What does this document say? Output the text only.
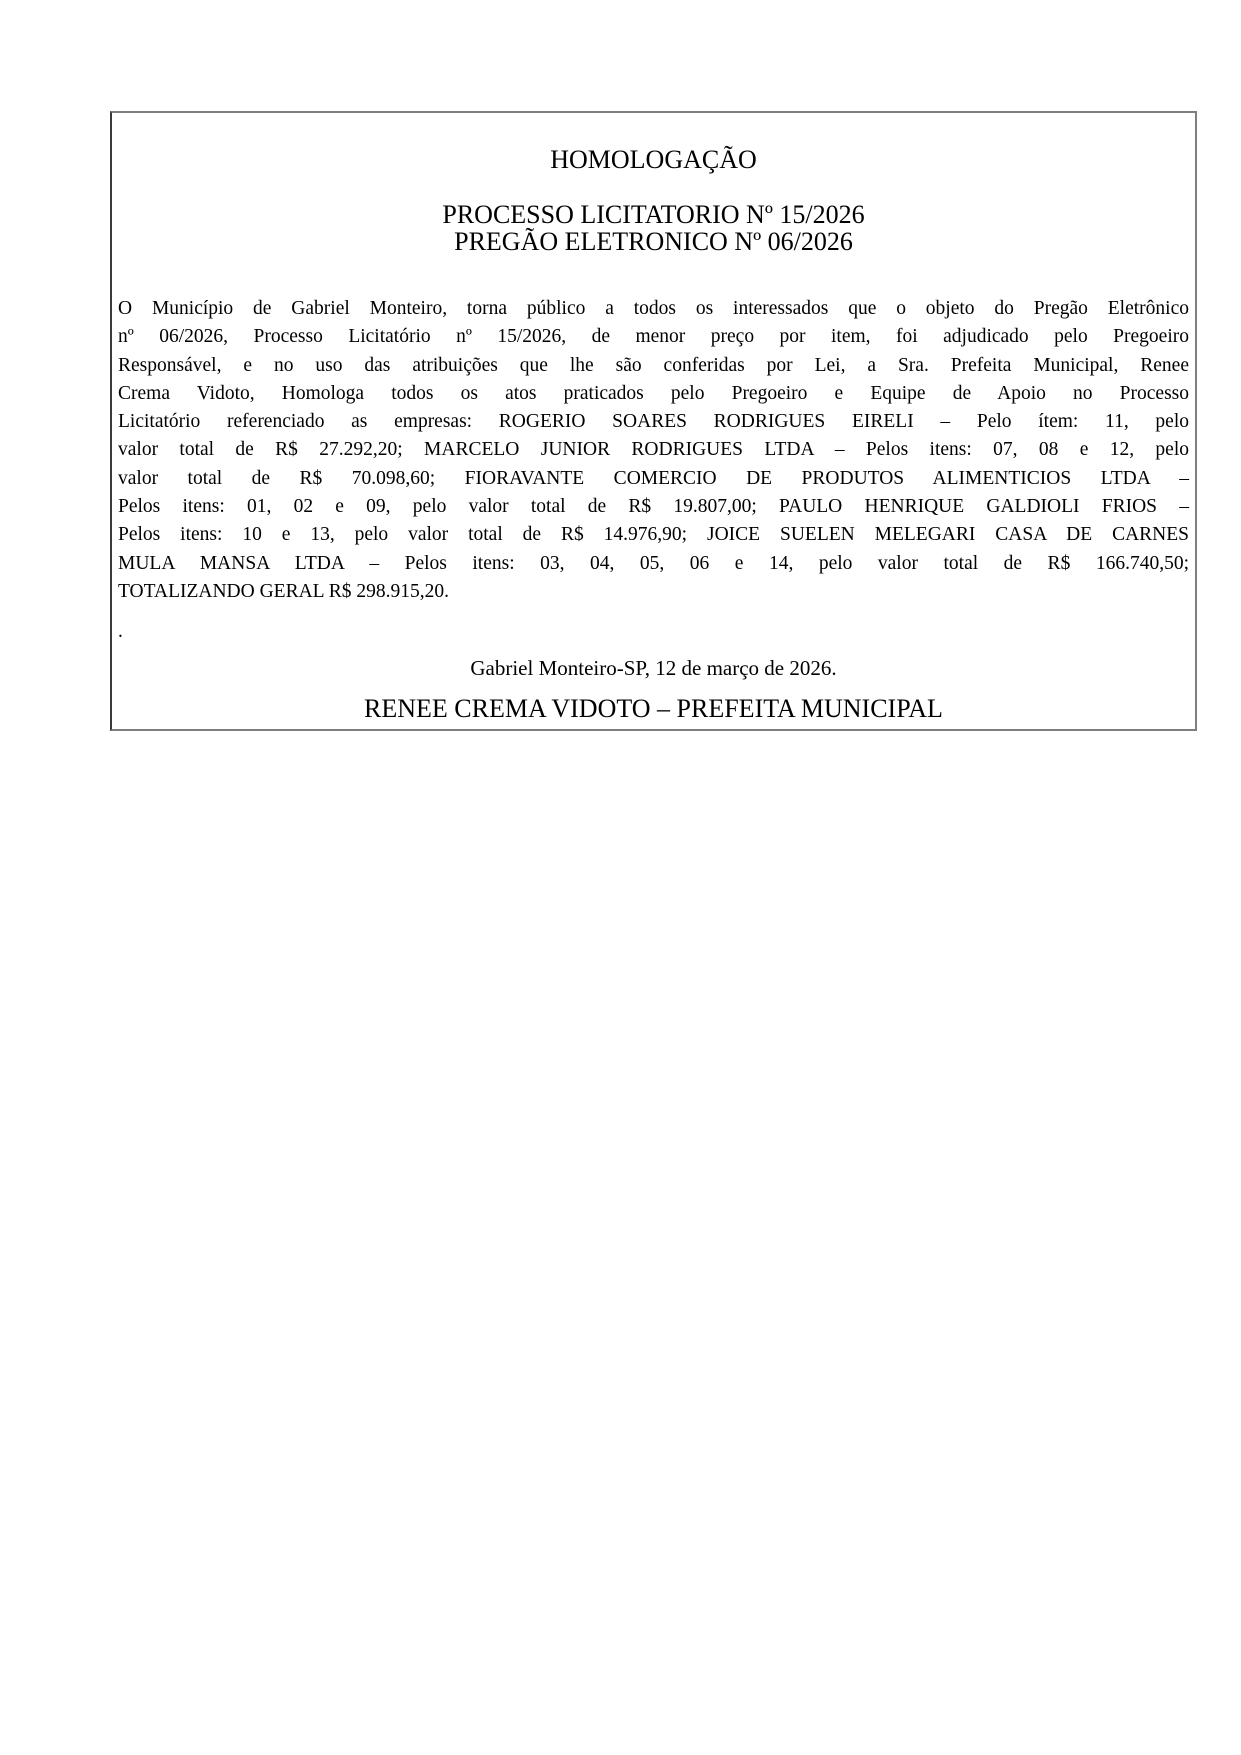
HOMOLOGAÇÃO
PROCESSO LICITATORIO Nº 15/2026
PREGÃO ELETRONICO Nº 06/2026
O Município de Gabriel Monteiro, torna público a todos os interessados que o objeto do Pregão Eletrônico
nº 06/2026, Processo Licitatório nº 15/2026, de menor preço por item, foi adjudicado pelo Pregoeiro
Responsável, e no uso das atribuições que lhe são conferidas por Lei, a Sra. Prefeita Municipal, Renee
Crema Vidoto, Homologa todos os atos praticados pelo Pregoeiro e Equipe de Apoio no Processo
Licitatório referenciado as empresas: ROGERIO SOARES RODRIGUES EIRELI – Pelo ítem: 11, pelo
valor total de R$ 27.292,20; MARCELO JUNIOR RODRIGUES LTDA – Pelos itens: 07, 08 e 12, pelo
valor total de R$ 70.098,60; FIORAVANTE COMERCIO DE PRODUTOS ALIMENTICIOS LTDA –
Pelos itens: 01, 02 e 09, pelo valor total de R$ 19.807,00; PAULO HENRIQUE GALDIOLI FRIOS –
Pelos itens: 10 e 13, pelo valor total de R$ 14.976,90; JOICE SUELEN MELEGARI CASA DE CARNES
MULA MANSA LTDA – Pelos itens: 03, 04, 05, 06 e 14, pelo valor total de R$ 166.740,50;
TOTALIZANDO GERAL R$ 298.915,20.
.
Gabriel Monteiro-SP, 12 de março de 2026.
RENEE CREMA VIDOTO – PREFEITA MUNICIPAL
